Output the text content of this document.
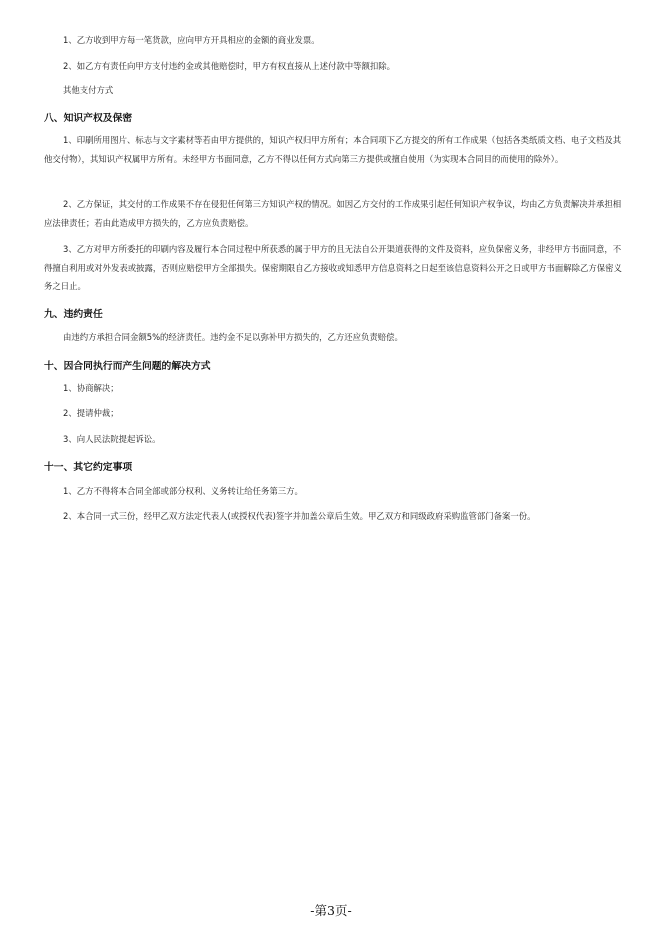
1、乙方收到甲方每一笔货款，应向甲方开具相应的金额的商业发票。

2、如乙方有责任向甲方支付违约金或其他赔偿时，甲方有权直接从上述付款中等额扣除。

其他支付方式

八、知识产权及保密

1、印刷所用图片、标志与文字素材等若由甲方提供的，知识产权归甲方所有；本合同项下乙方提交的所有工作成果（包括各类纸质文档、电子文档及其他交付物），其知识产权属甲方所有。未经甲方书面同意，乙方不得以任何方式向第三方提供或擅自使用（为实现本合同目的而使用的除外）。

2、乙方保证，其交付的工作成果不存在侵犯任何第三方知识产权的情况。如因乙方交付的工作成果引起任何知识产权争议，均由乙方负责解决并承担相应法律责任；若由此造成甲方损失的，乙方应负责赔偿。

3、乙方对甲方所委托的印刷内容及履行本合同过程中所获悉的属于甲方的且无法自公开渠道获得的文件及资料，应负保密义务，非经甲方书面同意，不得擅自利用或对外发表或披露，否则应赔偿甲方全部损失。保密期限自乙方接收或知悉甲方信息资料之日起至该信息资料公开之日或甲方书面解除乙方保密义务之日止。

九、违约责任

由违约方承担合同金额5%的经济责任。违约金不足以弥补甲方损失的，乙方还应负责赔偿。

十、因合同执行而产生问题的解决方式

1、协商解决；

2、提请仲裁；

3、向人民法院提起诉讼。

十一、其它约定事项

1、乙方不得将本合同全部或部分权利、义务转让给任务第三方。

2、本合同一式三份，经甲乙双方法定代表人(或授权代表)签字并加盖公章后生效。甲乙双方和同级政府采购监管部门备案一份。

-第3页-
